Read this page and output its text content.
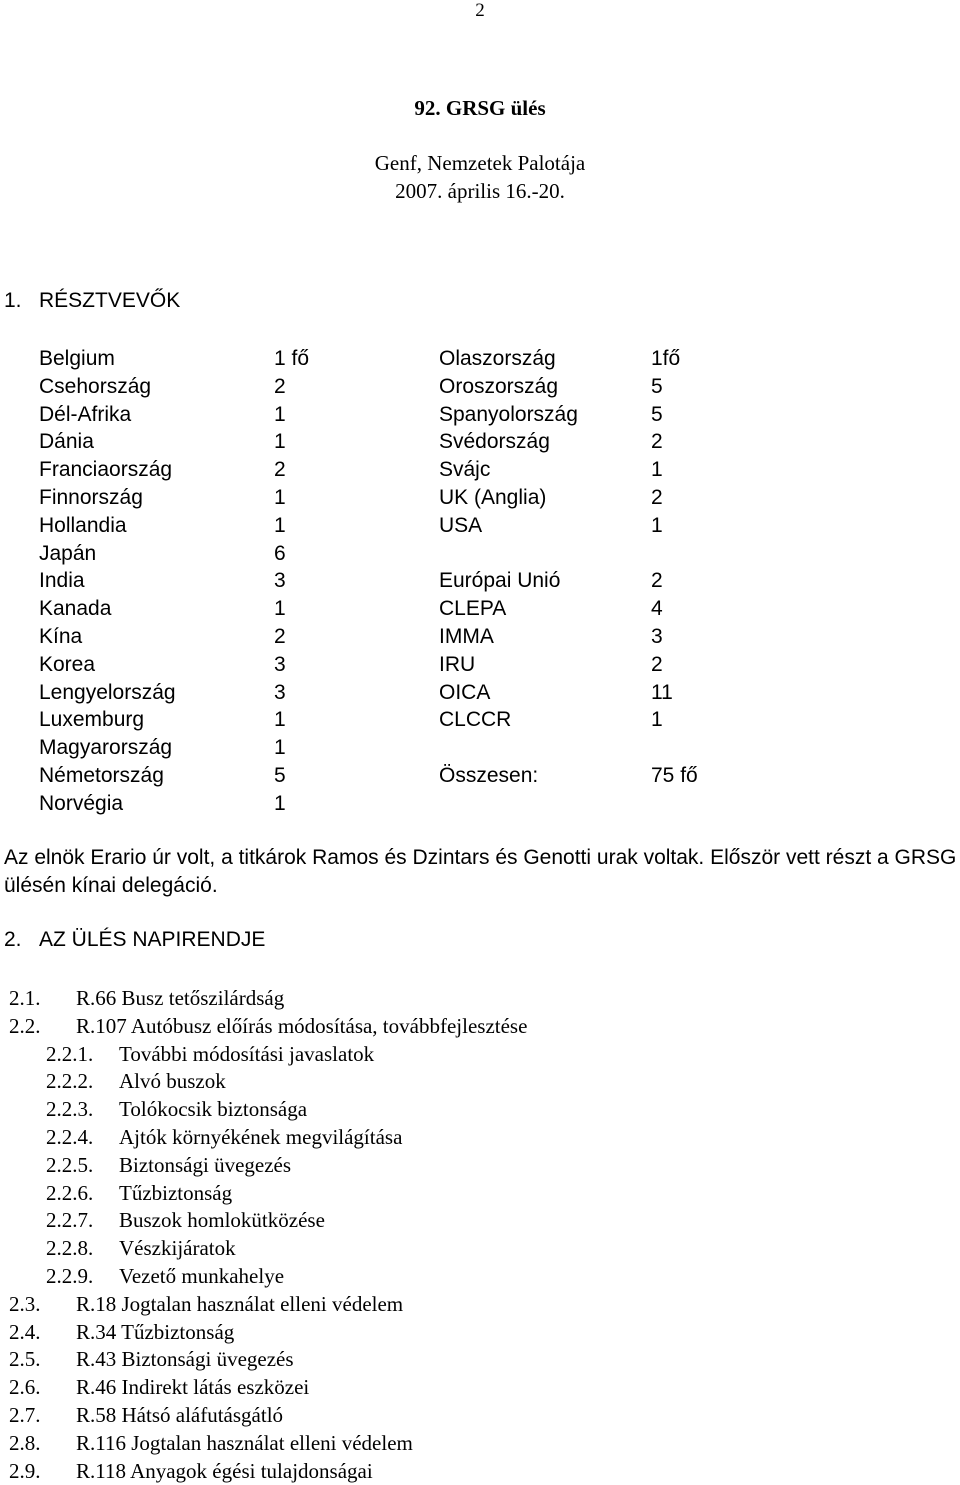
2
92. GRSG ülés
Genf, Nemzetek Palotája
2007. április 16.-20.
1. RÉSZTVEVŐK
Belgium	1 fő	Olaszország	1fő
Csehország	2	Oroszország	5
Dél-Afrika	1	Spanyolország	5
Dánia	1	Svédország	2
Franciaország	2	Svájc	1
Finnország	1	UK (Anglia)	2
Hollandia	1	USA	1
Japán	6
India	3	Európai Unió	2
Kanada	1	CLEPA	4
Kína	2	IMMA	3
Korea	3	IRU	2
Lengyelország	3	OICA	11
Luxemburg	1	CLCCR	1
Magyarország	1
Németország	5	Összesen:	75 fő
Norvégia	1
Az elnök Erario úr volt, a titkárok Ramos és Dzintars és Genotti urak voltak. Először vett részt a GRSG ülésén kínai delegáció.
2. AZ ÜLÉS NAPIRENDJE
2.1. R.66 Busz tetőszilárdság
2.2. R.107 Autóbusz előírás módosítása, továbbfejlesztése
2.2.1. További módosítási javaslatok
2.2.2. Alvó buszok
2.2.3. Tolókocsik biztonsága
2.2.4. Ajtók környékének megvilágítása
2.2.5. Biztonsági üvegezés
2.2.6. Tűzbiztonság
2.2.7. Buszok homlokütközése
2.2.8. Vészkijáratok
2.2.9. Vezető munkahelye
2.3. R.18 Jogtalan használat elleni védelem
2.4. R.34 Tűzbiztonság
2.5. R.43 Biztonsági üvegezés
2.6. R.46 Indirekt látás eszközei
2.7. R.58 Hátsó aláfutásgátló
2.8. R.116 Jogtalan használat elleni védelem
2.9. R.118 Anyagok égési tulajdonságai
